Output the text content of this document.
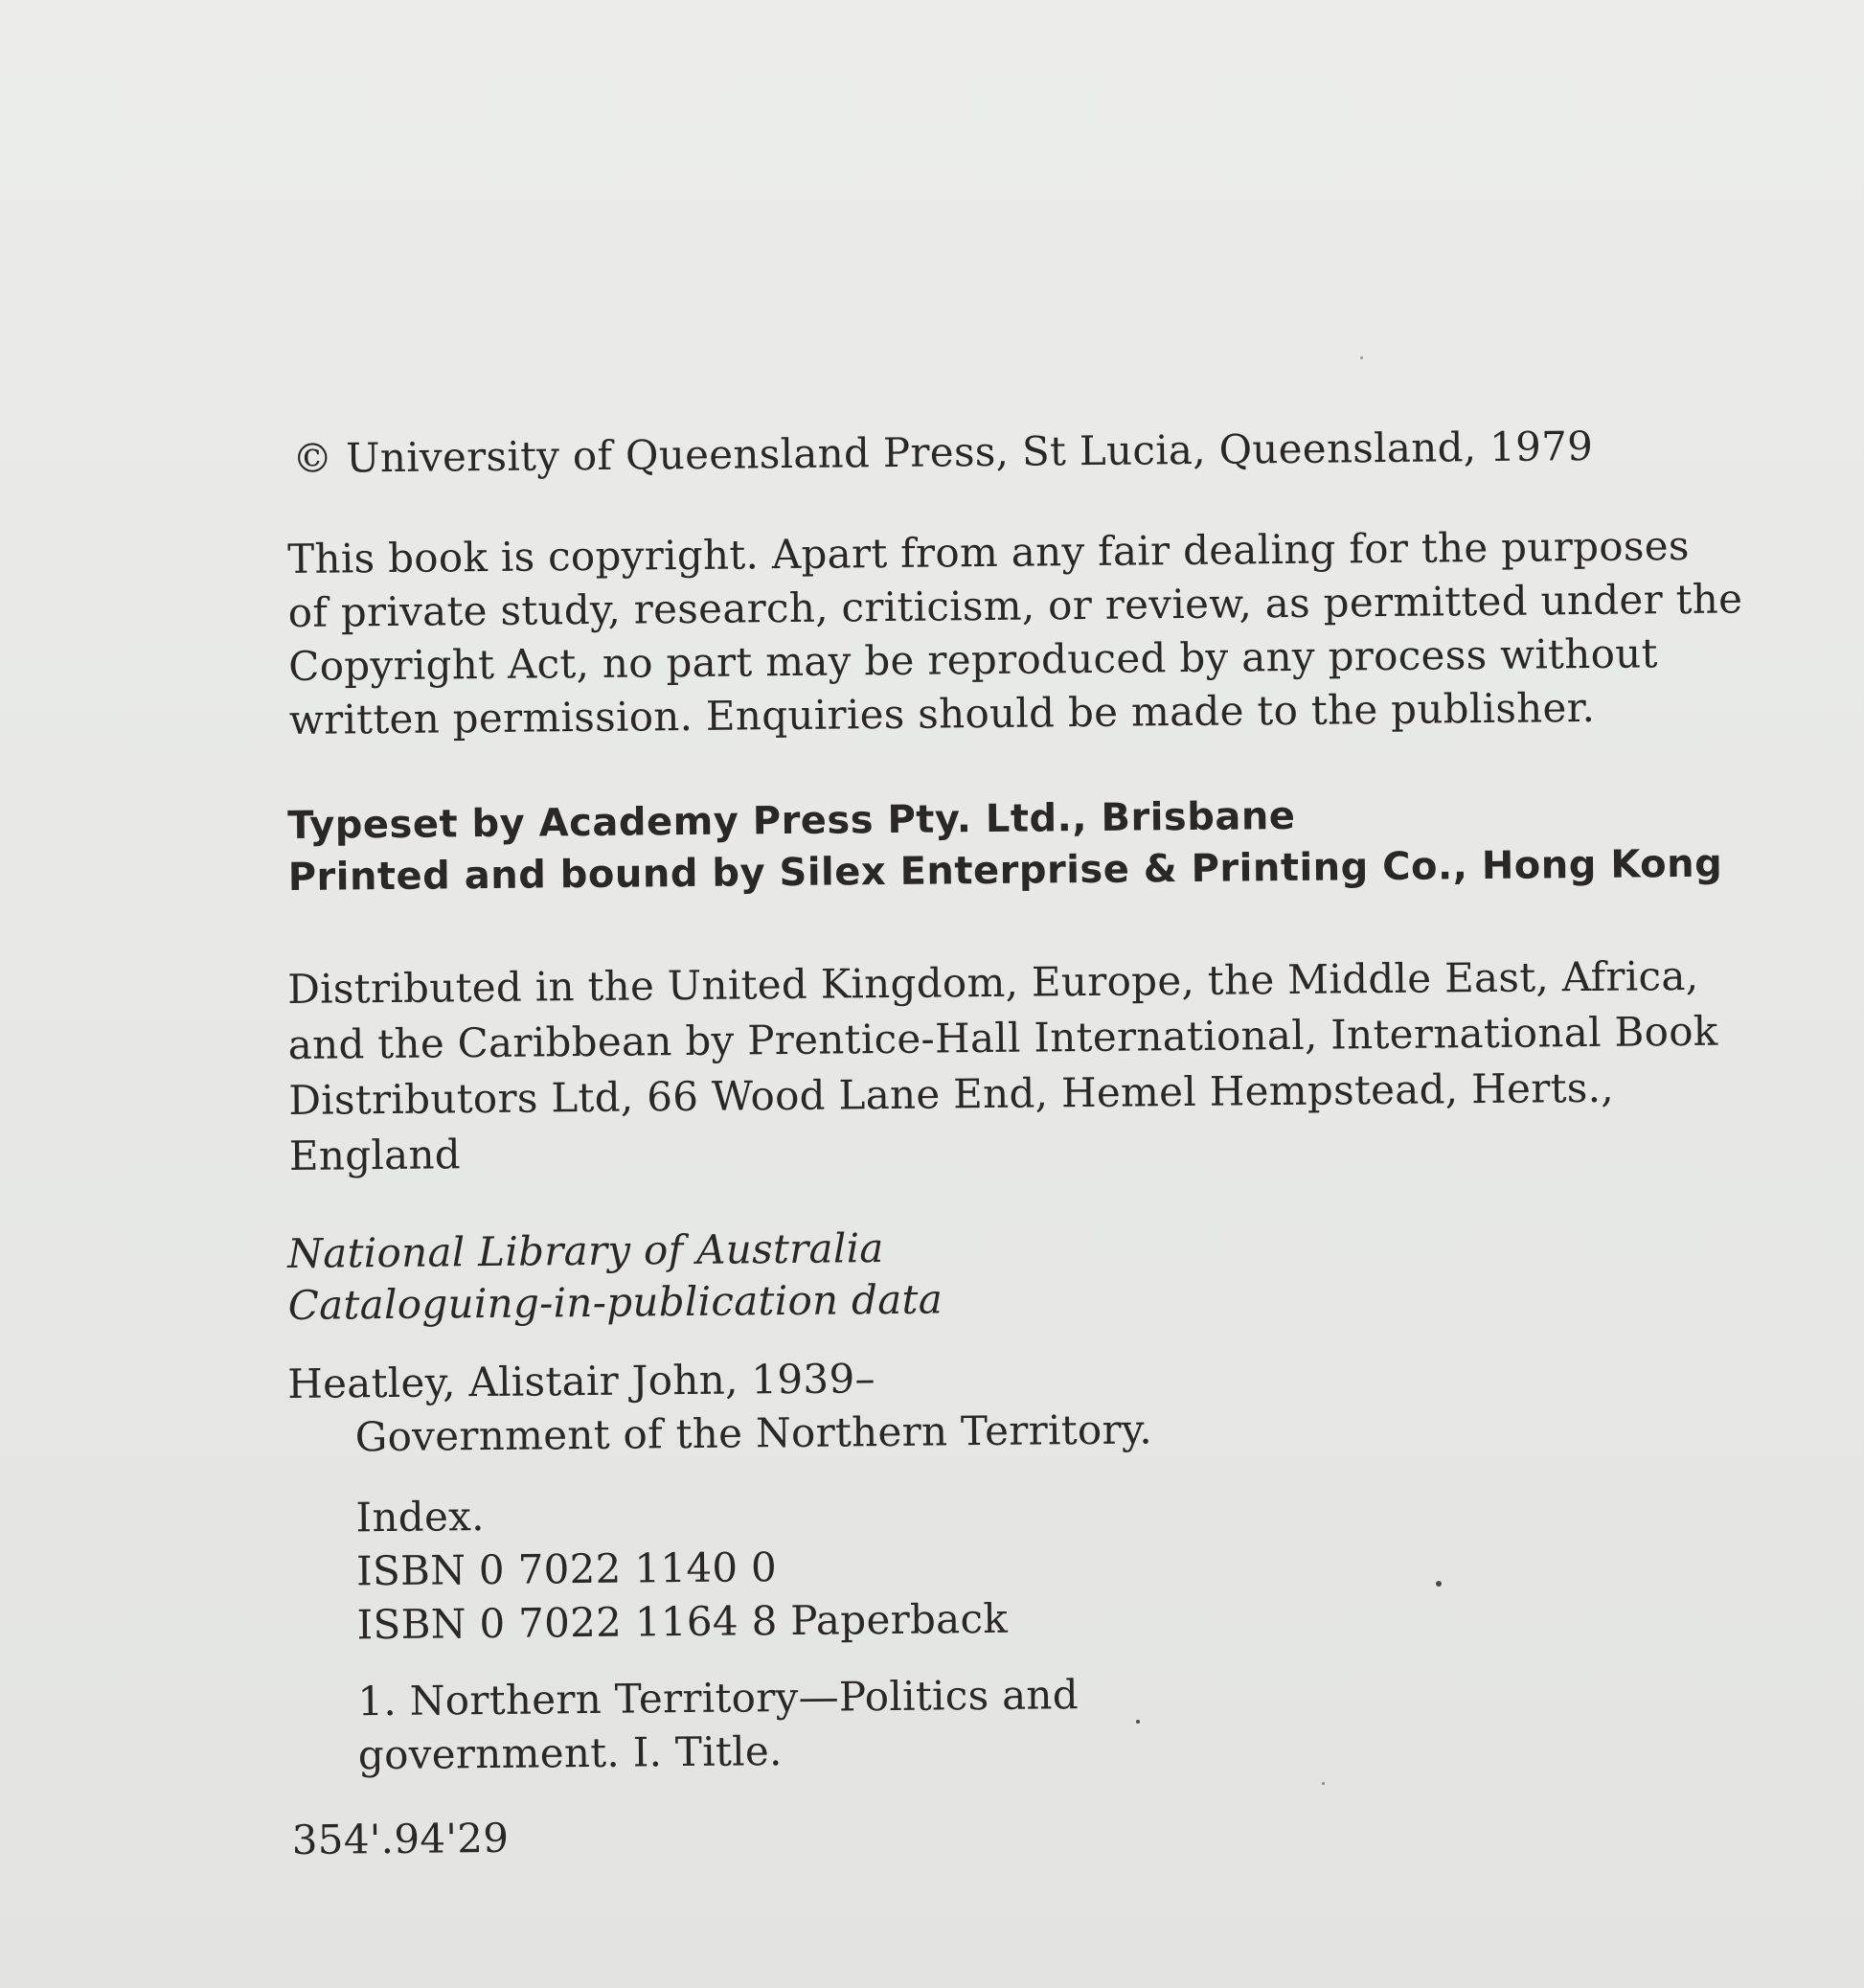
© University of Queensland Press, St Lucia, Queensland, 1979
This book is copyright. Apart from any fair dealing for the purposes
of private study, research, criticism, or review, as permitted under the
Copyright Act, no part may be reproduced by any process without
written permission. Enquiries should be made to the publisher.
Typeset by Academy Press Pty. Ltd., Brisbane
Printed and bound by Silex Enterprise & Printing Co., Hong Kong
Distributed in the United Kingdom, Europe, the Middle East, Africa,
and the Caribbean by Prentice-Hall International, International Book
Distributors Ltd, 66 Wood Lane End, Hemel Hempstead, Herts.,
England
National Library of Australia
Cataloguing-in-publication data
Heatley, Alistair John, 1939–
Government of the Northern Territory.
Index.
ISBN 0 7022 1140 0
ISBN 0 7022 1164 8 Paperback
1. Northern Territory—Politics and
government. I. Title.
354'.94'29
